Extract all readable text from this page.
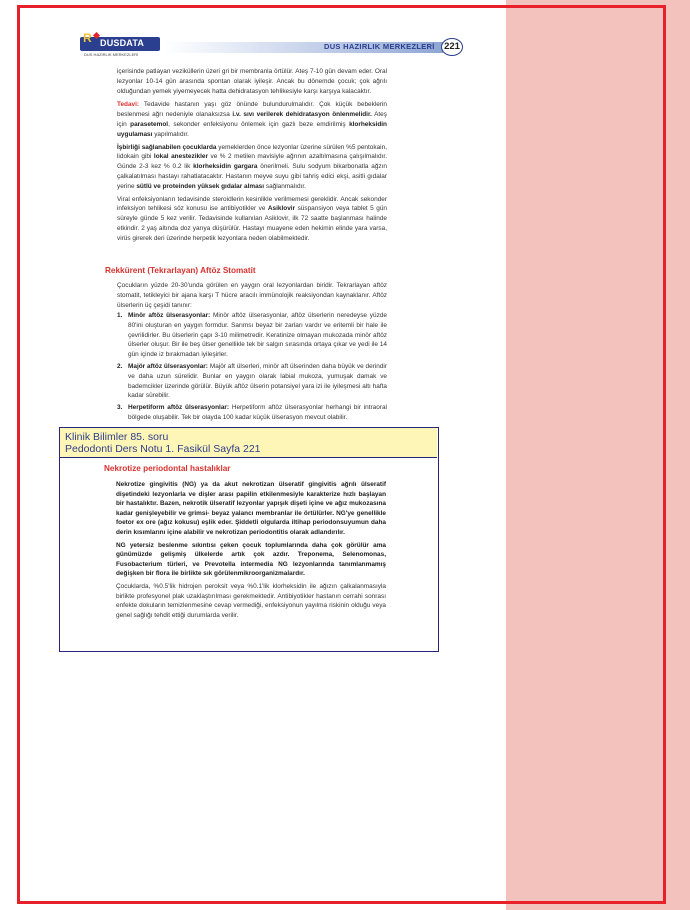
R DUSDATA
DUS HAZIRLIK MERKEZLERİ
DUS HAZIRLIK MERKEZLERİ 221

içerisinde patlayan veziküllerin üzeri gri bir membranla örtülür. Ateş 7-10 gün devam eder. Oral lezyonlar 10-14 gün arasında spontan olarak iyileşir. Ancak bu dönemde çocuk; çok ağrılı olduğundan yemek yiyemeyecek hatta dehidratasyon tehlikesiyle karşı karşıya kalacaktır.

Tedavi: Tedavide hastanın yaşı göz önünde bulundurulmalıdır. Çok küçük bebeklerin beslenmesi ağrı nedeniyle olanaksızsa i.v. sıvı verilerek dehidratasyon önlenmelidir. Ateş için parasetemol, sekonder enfeksiyonu önlemek için gazlı beze emdirilmiş klorheksidin uygulaması yapılmalıdır.

İşbirliği sağlanabilen çocuklarda yemeklerden önce lezyonlar üzerine sürülen %5 pentokain, lidokain gibi lokal anestezikler ve % 2 metilen mavisiyle ağrının azaltılmasına çalışılmalıdır. Günde 2-3 kez % 0.2 lik klorheksidin gargara önerilmeli. Sulu sodyum bikarbonatla ağzın çalkalatılması hastayı rahatlatacaktır. Hastanın meyve suyu gibi tahriş edici ekşi, asitli gıdalar yerine sütlü ve proteinden yüksek gıdalar alması sağlanmalıdır.

Viral enfeksiyonların tedavisinde steroidlerin kesinlikle verilmemesi gereklidir. Ancak sekonder infeksiyon tehlikesi söz konusu ise antibiyotikler ve Asiklovir süspansiyon veya tablet 5 gün süreyle günde 5 kez verilir. Tedavisinde kullanılan Asiklovir, ilk 72 saatte başlanması halinde etkindir. 2 yaş altında doz yarıya düşürülür. Hastayı muayene eden hekimin elinde yara varsa, virüs girerek deri üzerinde herpetik lezyonlara neden olabilmektedir.

Rekkürent (Tekrarlayan) Aftöz Stomatit

Çocukların yüzde 20-30'unda görülen en yaygın oral lezyonlardan biridir. Tekrarlayan aftöz stomatit, tetikleyici bir ajana karşı T hücre aracılı immünolojik reaksiyondan kaynaklanır. Aftöz ülserlerin üç çeşidi tanınır:

1. Minör aftöz ülserasyonlar: Minör aftöz ülserasyonlar, aftöz ülserlerin neredeyse yüzde 80'ini oluşturan en yaygın formdur. Sarımsı beyaz bir zarları vardır ve eritemli bir hale ile çevrilidirler. Bu ülserlerin çapı 3-10 milimetredir. Keratinize olmayan mukozada minör aftöz ülserler oluşur. Bir ile beş ülser genellikle tek bir salgın sırasında ortaya çıkar ve yedi ile 14 gün içinde iz bırakmadan iyileşirler.
2. Majör aftöz ülserasyonlar: Majör aft ülserleri, minör aft ülserinden daha büyük ve derindir ve daha uzun sürelidir. Bunlar en yaygın olarak labial mukoza, yumuşak damak ve bademcikler üzerinde görülür. Büyük aftöz ülserin potansiyel yara izi ile iyileşmesi altı hafta kadar sürebilir.
3. Herpetiform aftöz ülserasyonlar: Herpetiform aftöz ülserasyonlar herhangi bir intraoral bölgede oluşabilir. Tek bir olayda 100 kadar küçük ülserasyon mevcut olabilir.
Klinik Bilimler 85. soru
Pedodonti Ders Notu 1. Fasikül Sayfa 221
Nekrotize periodontal hastalıklar

Nekrotize gingivitis (NG) ya da akut nekrotizan ülseratif gingivitis ağrılı ülseratif dişetindeki lezyonlarla ve dişler arası papilin etkilenmesiyle karakterize hızlı başlayan bir hastalıktır. Bazen, nekrotik ülseratif lezyonlar yapışık dişeti içine ve ağız mukozasına kadar genişleyebilir ve grimsi- beyaz yalancı membranlar ile örtülürler. NG'ye genellikle foetor ex ore (ağız kokusu) eşlik eder. Şiddetli olgularda iltihap periodonsuyumun daha derin kısımlarını içine alabilir ve nekrotizan periodontitis olarak adlandırılır.

NG yetersiz beslenme sıkıntısı çeken çocuk toplumlarında daha çok görülür ama günümüzde gelişmiş ülkelerde artık çok azdır. Treponema, Selenomonas, Fusobacterium türleri, ve Prevotella intermedia NG lezyonlarında tanımlanmamış değişken bir flora ile birlikte sık görülenmikroorganizmalardır.

Çocuklarda, %0.5'lik hidrojen peroksit veya %0.1'lik klorheksidin ile ağızın çalkalanmasıyla birlikte profesyonel plak uzaklaştırılması gerekmektedir. Antibiyotikler hastanın cerrahi sonrası enfekte dokuların temizlenmesine cevap vermediği, enfeksiyonun yayılma riskinin olduğu veya genel sağlığı tehdit ettiği durumlarda verilir.
